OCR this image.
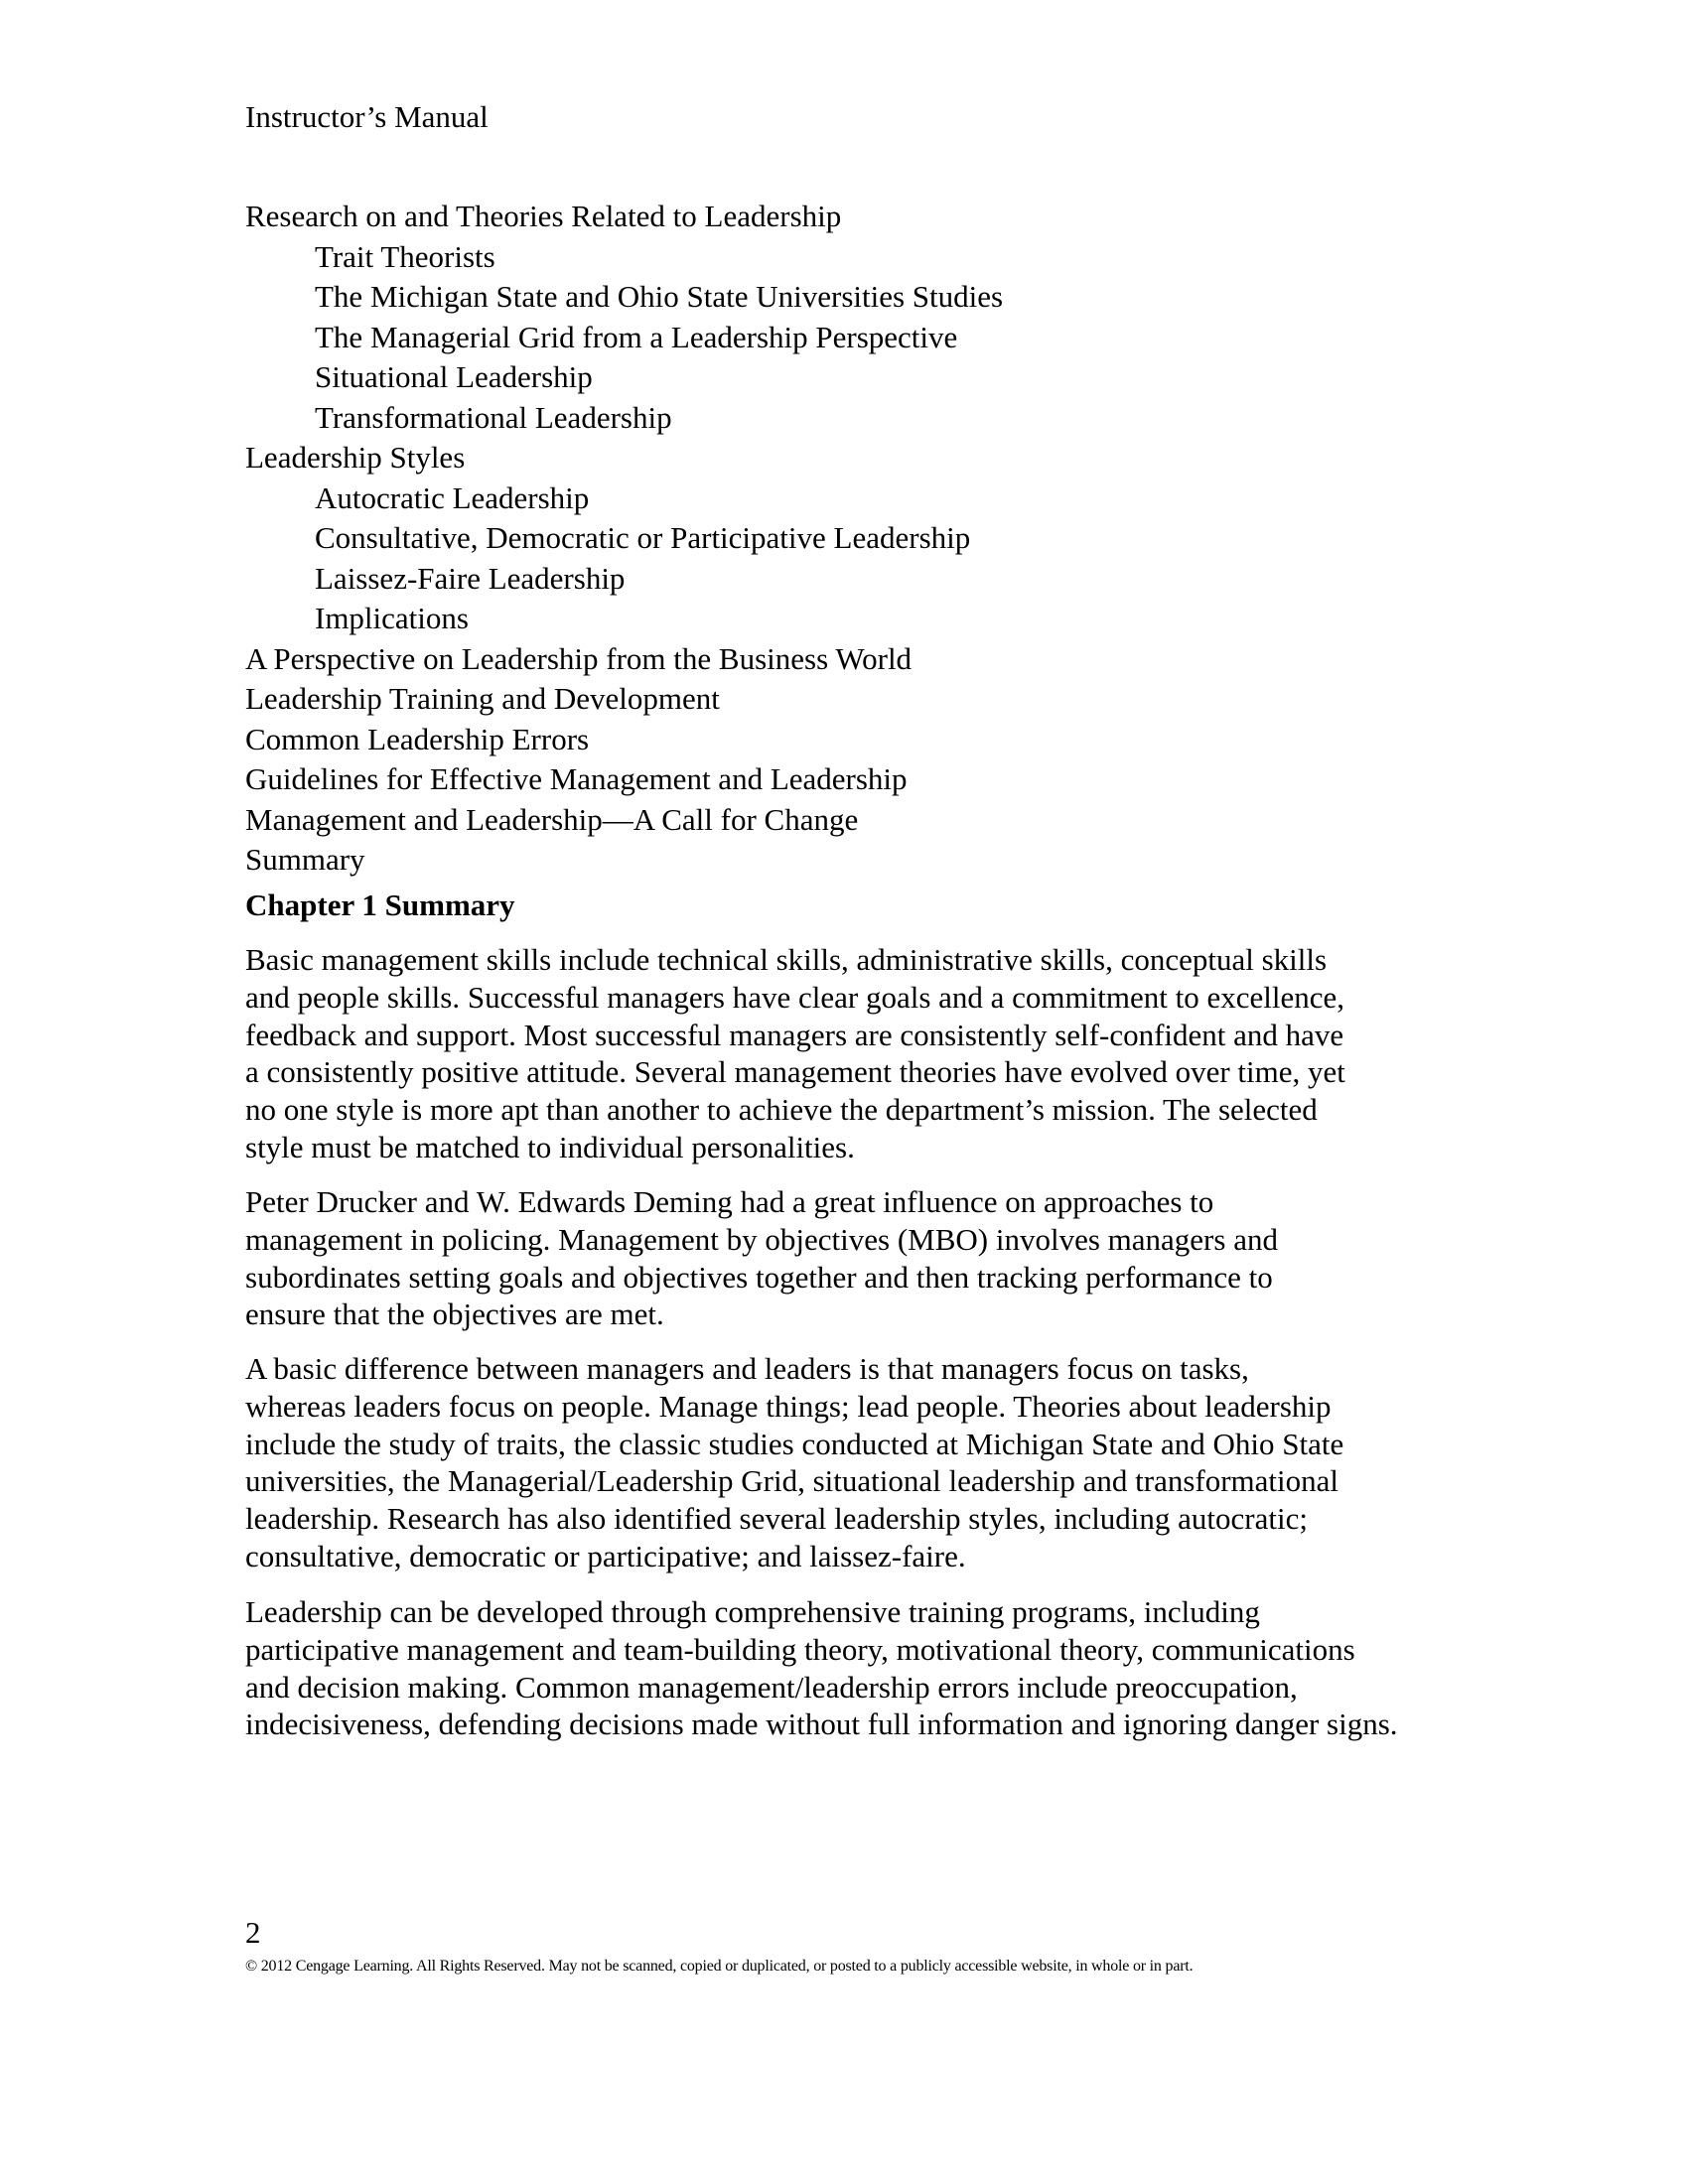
Instructor’s Manual
Research on and Theories Related to Leadership
Trait Theorists
The Michigan State and Ohio State Universities Studies
The Managerial Grid from a Leadership Perspective
Situational Leadership
Transformational Leadership
Leadership Styles
Autocratic Leadership
Consultative, Democratic or Participative Leadership
Laissez-Faire Leadership
Implications
A Perspective on Leadership from the Business World
Leadership Training and Development
Common Leadership Errors
Guidelines for Effective Management and Leadership
Management and Leadership—A Call for Change
Summary
Chapter 1 Summary
Basic management skills include technical skills, administrative skills, conceptual skills
and people skills. Successful managers have clear goals and a commitment to excellence,
feedback and support. Most successful managers are consistently self-confident and have
a consistently positive attitude. Several management theories have evolved over time, yet
no one style is more apt than another to achieve the department’s mission. The selected
style must be matched to individual personalities.
Peter Drucker and W. Edwards Deming had a great influence on approaches to
management in policing. Management by objectives (MBO) involves managers and
subordinates setting goals and objectives together and then tracking performance to
ensure that the objectives are met.
A basic difference between managers and leaders is that managers focus on tasks,
whereas leaders focus on people. Manage things; lead people. Theories about leadership
include the study of traits, the classic studies conducted at Michigan State and Ohio State
universities, the Managerial/Leadership Grid, situational leadership and transformational
leadership. Research has also identified several leadership styles, including autocratic;
consultative, democratic or participative; and laissez-faire.
Leadership can be developed through comprehensive training programs, including
participative management and team-building theory, motivational theory, communications
and decision making. Common management/leadership errors include preoccupation,
indecisiveness, defending decisions made without full information and ignoring danger signs.
2
© 2012 Cengage Learning. All Rights Reserved. May not be scanned, copied or duplicated, or posted to a publicly accessible website, in whole or in part.
